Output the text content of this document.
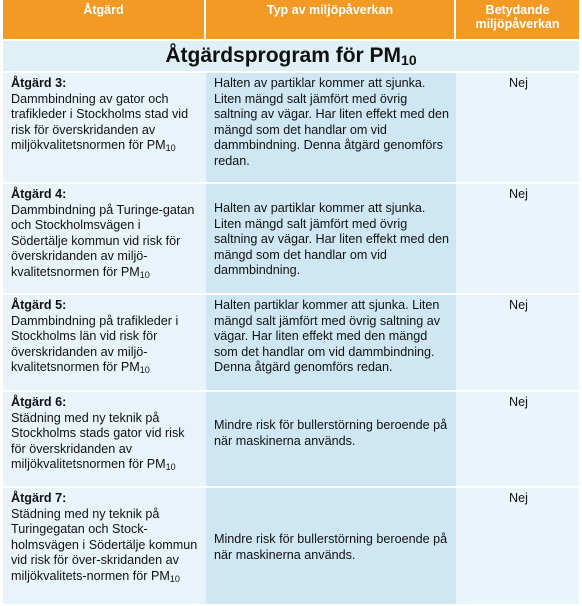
Åtgärd	Typ av miljöpåverkan	Betydande
miljöpåverkan
Åtgärdsprogram för $PM_{10}$

Åtgärd 3:
Dammbindning av gator och trafikleder i Stockholms stad vid risk för överskridanden av miljökvalitetsnormen för $PM_{10}$	Halten av partiklar kommer att sjunka. Liten mängd salt jämfört med övrig saltning av vägar. Har liten effekt med den mängd som det handlar om vid dammbindning. Denna åtgärd genomförs redan.	Nej

Åtgärd 4:
Dammbindning på Turinge-gatan och Stockholmsvägen i Södertälje kommun vid risk för överskridanden av miljö-kvalitetsnormen för $PM_{10}$	Halten av partiklar kommer att sjunka. Liten mängd salt jämfört med övrig saltning av vägar. Har liten effekt med den mängd som det handlar om vid dammbindning.	Nej

Åtgärd 5:
Dammbindning på trafikleder i Stockholms län vid risk för överskridanden av miljö-kvalitetsnormen för $PM_{10}$	Halten partiklar kommer att sjunka. Liten mängd salt jämfört med övrig saltning av vägar. Har liten effekt med den mängd som det handlar om vid dammbindning. Denna åtgärd genomförs redan.	Nej

Åtgärd 6:
Städning med ny teknik på Stockholms stads gator vid risk för överskridanden av miljökvalitetsnormen för $PM_{10}$	Mindre risk för bullerstörning beroende på när maskinerna används.	Nej

Åtgärd 7:
Städning med ny teknik på Turingegatan och Stock-holmsvägen i Södertälje kommun vid risk för över-skridanden av miljökvalitets-normen för $PM_{10}$	Mindre risk för bullerstörning beroende på när maskinerna används.	Nej
